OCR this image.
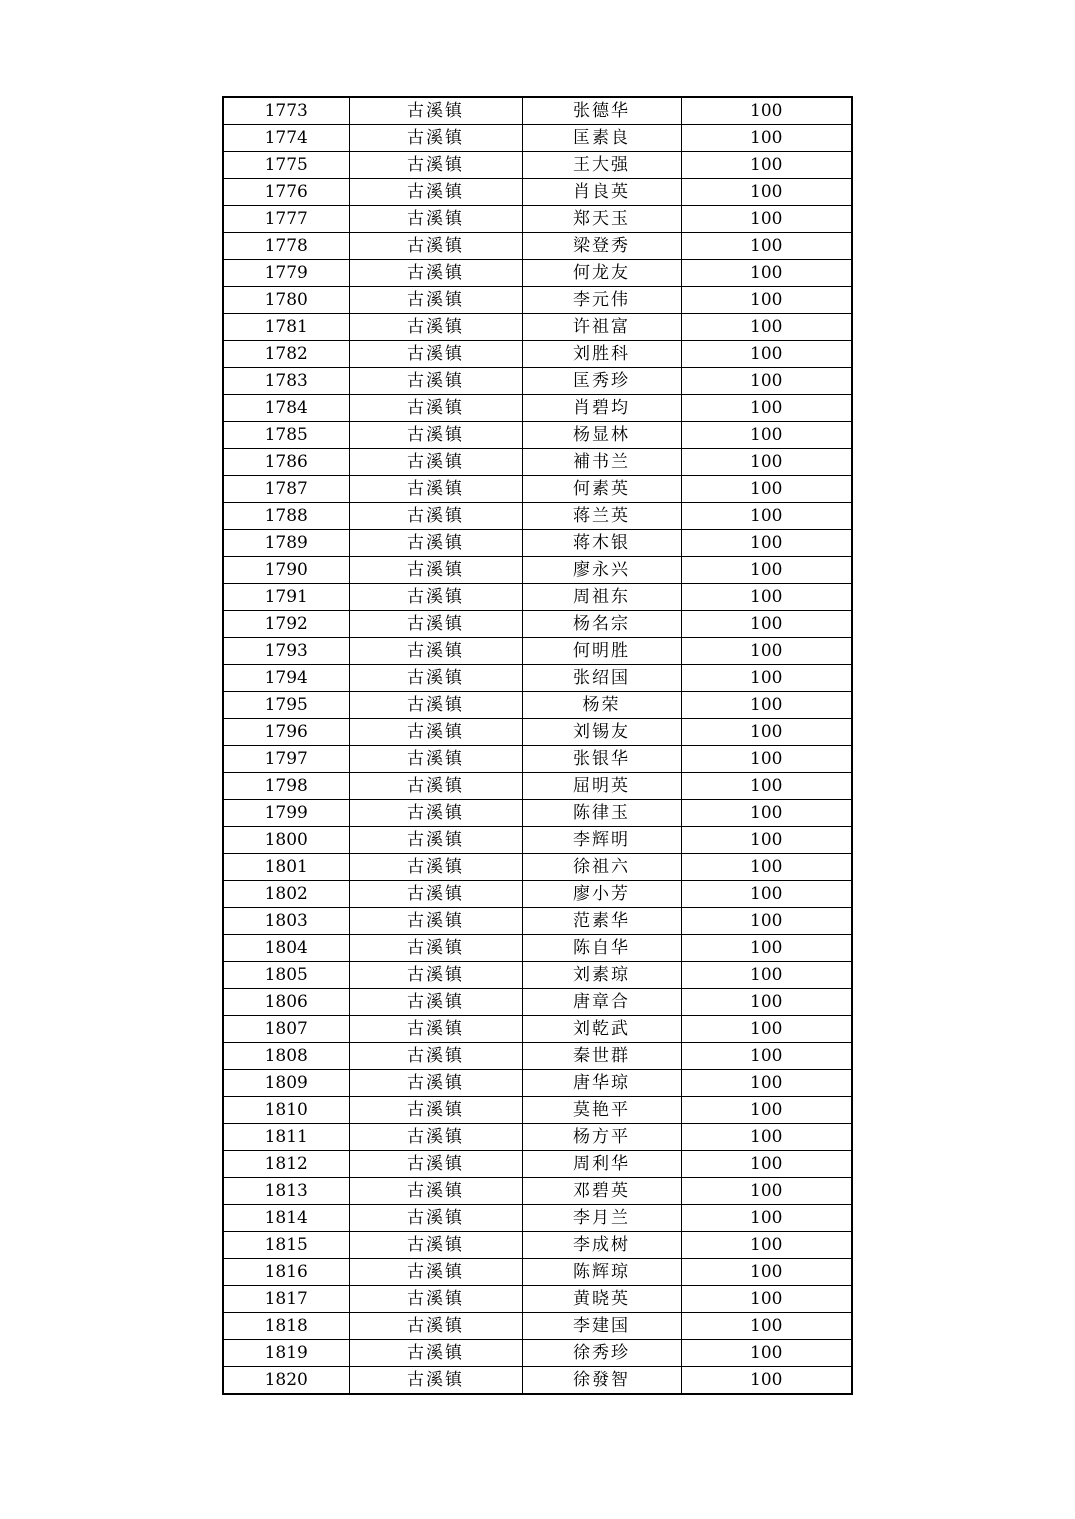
1773	古溪镇	张德华	100
1774	古溪镇	匡素良	100
1775	古溪镇	王大强	100
1776	古溪镇	肖良英	100
1777	古溪镇	郑天玉	100
1778	古溪镇	梁登秀	100
1779	古溪镇	何龙友	100
1780	古溪镇	李元伟	100
1781	古溪镇	许祖富	100
1782	古溪镇	刘胜科	100
1783	古溪镇	匡秀珍	100
1784	古溪镇	肖碧均	100
1785	古溪镇	杨显林	100
1786	古溪镇	補书兰	100
1787	古溪镇	何素英	100
1788	古溪镇	蒋兰英	100
1789	古溪镇	蒋木银	100
1790	古溪镇	廖永兴	100
1791	古溪镇	周祖东	100
1792	古溪镇	杨名宗	100
1793	古溪镇	何明胜	100
1794	古溪镇	张绍国	100
1795	古溪镇	杨荣	100
1796	古溪镇	刘锡友	100
1797	古溪镇	张银华	100
1798	古溪镇	屈明英	100
1799	古溪镇	陈律玉	100
1800	古溪镇	李辉明	100
1801	古溪镇	徐祖六	100
1802	古溪镇	廖小芳	100
1803	古溪镇	范素华	100
1804	古溪镇	陈自华	100
1805	古溪镇	刘素琼	100
1806	古溪镇	唐章合	100
1807	古溪镇	刘乾武	100
1808	古溪镇	秦世群	100
1809	古溪镇	唐华琼	100
1810	古溪镇	莫艳平	100
1811	古溪镇	杨方平	100
1812	古溪镇	周利华	100
1813	古溪镇	邓碧英	100
1814	古溪镇	李月兰	100
1815	古溪镇	李成树	100
1816	古溪镇	陈辉琼	100
1817	古溪镇	黄晓英	100
1818	古溪镇	李建国	100
1819	古溪镇	徐秀珍	100
1820	古溪镇	徐發智	100
